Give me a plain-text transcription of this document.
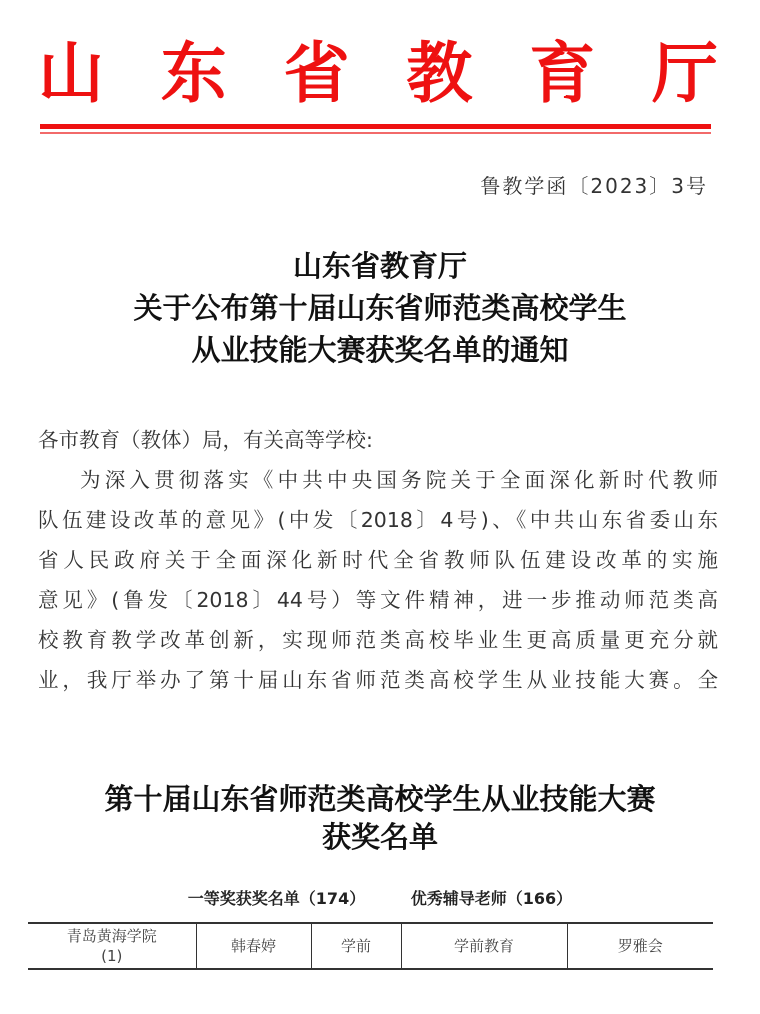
山 东 省 教 育 厅
鲁教学函〔2023〕3号
山东省教育厅
关于公布第十届山东省师范类高校学生
从业技能大赛获奖名单的通知
各市教育（教体）局，有关高等学校:
为深入贯彻落实《中共中央国务院关于全面深化新时代教师
队伍建设改革的意见》(中发〔2018〕4号)、《中共山东省委山东
省人民政府关于全面深化新时代全省教师队伍建设改革的实施
意见》(鲁发〔2018〕44号）等文件精神，进一步推动师范类高
校教育教学改革创新，实现师范类高校毕业生更高质量更充分就
业，我厅举办了第十届山东省师范类高校学生从业技能大赛。全
第十届山东省师范类高校学生从业技能大赛
获奖名单
一等奖获奖名单（174）	优秀辅导老师（166）
青岛黄海学院
(1)
	韩春婷	学前	学前教育	罗雅会
